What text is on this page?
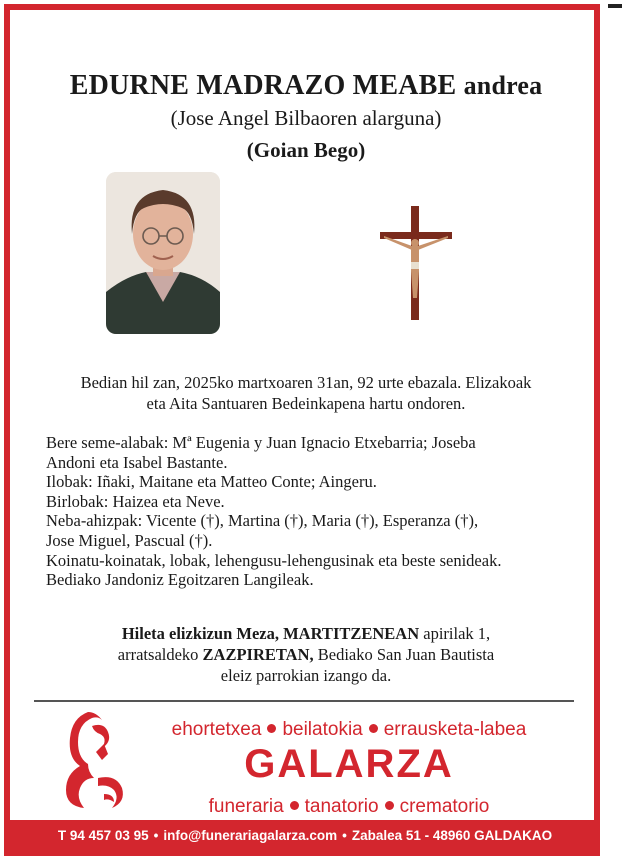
EDURNE MADRAZO MEABE andrea
(Jose Angel Bilbaoren alarguna)
(Goian Bego)
Bedian hil zan, 2025ko martxoaren 31an, 92 urte ebazala. Elizakoak
eta Aita Santuaren Bedeinkapena hartu ondoren.
Bere seme-alabak: Mª Eugenia y Juan Ignacio Etxebarria; Joseba
Andoni eta Isabel Bastante.
Ilobak: Iñaki, Maitane eta Matteo Conte; Aingeru.
Birlobak: Haizea eta Neve.
Neba-ahizpak: Vicente (†), Martina (†), Maria (†), Esperanza (†),
Jose Miguel, Pascual (†).
Koinatu-koinatak, lobak, lehengusu-lehengusinak eta beste senideak.
Bediako Jandoniz Egoitzaren Langileak.
Hileta elizkizun Meza, MARTITZENEAN apirilak 1,
arratsaldeko ZAZPIRETAN, Bediako San Juan Bautista
eleiz parrokian izango da.
ehortetxea beilatokia errausketa-labea
GALARZA
funeraria tanatorio crematorio
T 94 457 03 95 • info@funerariagalarza.com • Zabalea 51 - 48960 GALDAKAO
